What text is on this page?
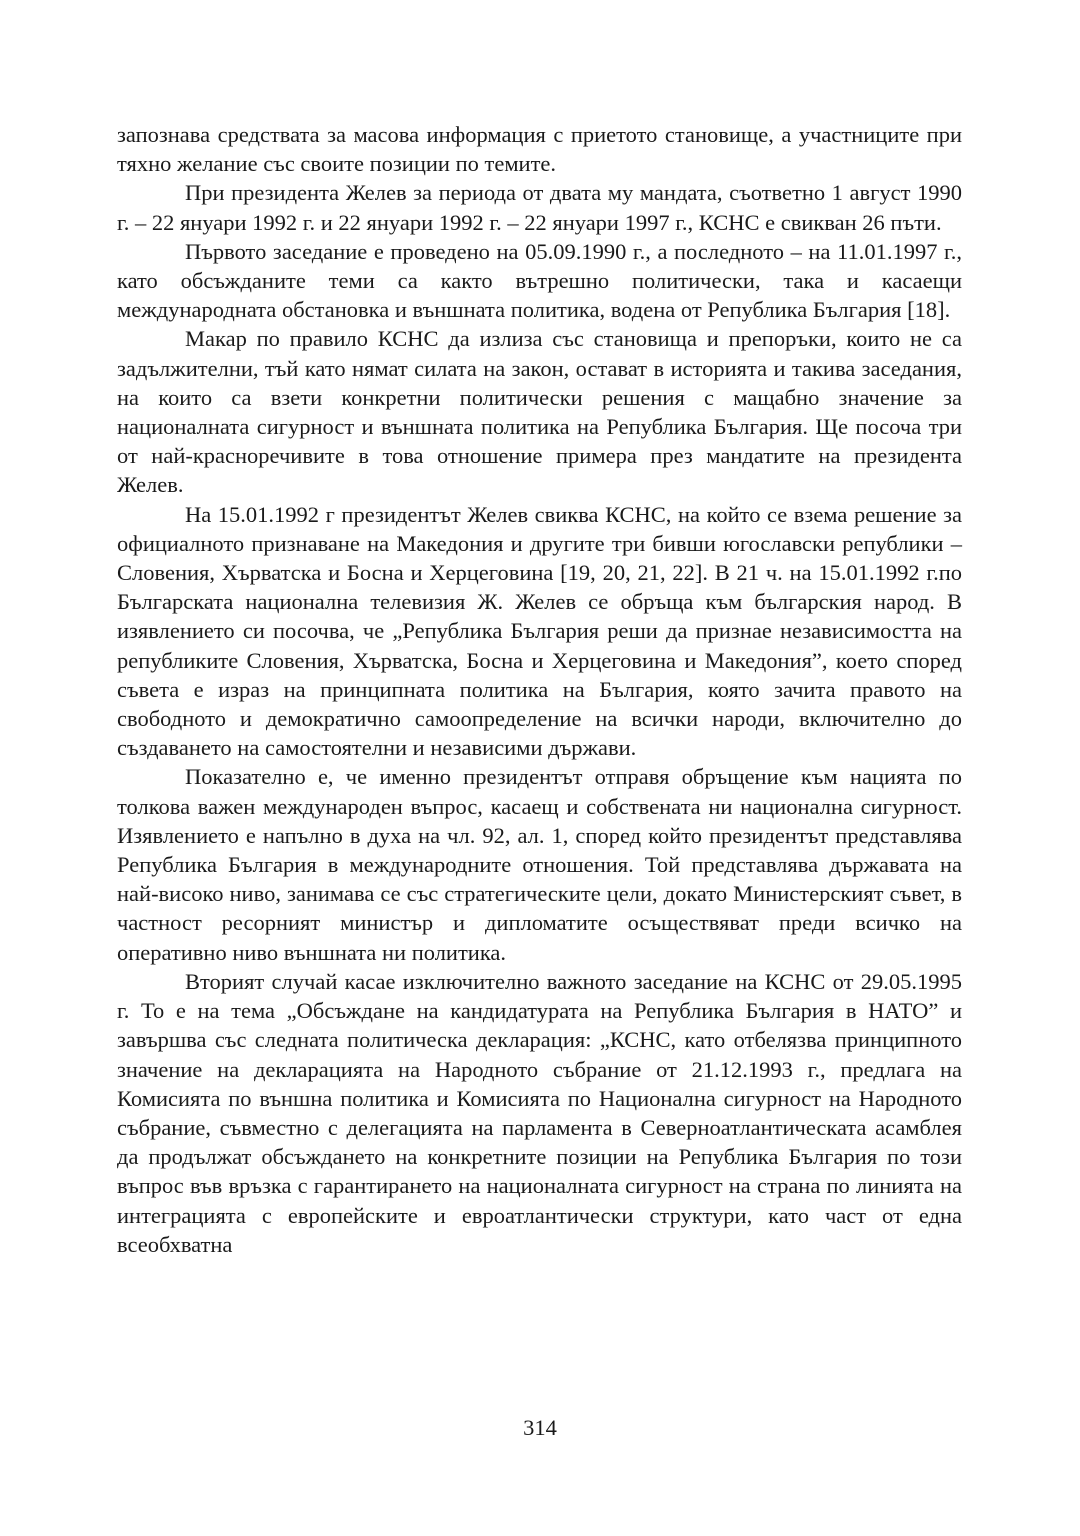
запознава средствата за масова информация с приетото становище, а участниците при тяхно желание със своите позиции по темите.

При президента Желев за периода от двата му мандата, съответно 1 август 1990 г. – 22 януари 1992 г. и 22 януари 1992 г. – 22 януари 1997 г., КСНС е свикван 26 пъти.

Първото заседание е проведено на 05.09.1990 г., а последното – на 11.01.1997 г., като обсъжданите теми са както вътрешно политически, така и касаещи международната обстановка и външната политика, водена от Република България [18].

Макар по правило КСНС да излиза със становища и препоръки, които не са задължителни, тъй като нямат силата на закон, остават в историята и такива заседания, на които са взети конкретни политически решения с мащабно значение за националната сигурност и външната политика на Република България. Ще посоча три от най-красноречивите в това отношение примера през мандатите на президента Желев.

На 15.01.1992 г президентът Желев свиква КСНС, на който се взема решение за официалното признаване на Македония и другите три бивши югославски републики – Словения, Хърватска и Босна и Херцеговина [19, 20, 21, 22]. В 21 ч. на 15.01.1992 г.по Българската национална телевизия Ж. Желев се обръща към българския народ. В изявлението си посочва, че „Република България реши да признае независимостта на републиките Словения, Хърватска, Босна и Херцеговина и Македония”, което според съвета е израз на принципната политика на България, която зачита правото на свободното и демократично самоопределение на всички народи, включително до създаването на самостоятелни и независими държави.

Показателно е, че именно президентът отправя обръщение към нацията по толкова важен международен въпрос, касаещ и собствената ни национална сигурност. Изявлението е напълно в духа на чл. 92, ал. 1, според който президентът представлява Република България в международните отношения. Той представлява държавата на най-високо ниво, занимава се със стратегическите цели, докато Министерският съвет, в частност ресорният министър и дипломатите осъществяват преди всичко на оперативно ниво външната ни политика.

Вторият случай касае изключително важното заседание на КСНС от 29.05.1995 г. То е на тема „Обсъждане на кандидатурата на Република България в НАТО” и завършва със следната политическа декларация: „КСНС, като отбелязва принципното значение на декларацията на Народното събрание от 21.12.1993 г., предлага на Комисията по външна политика и Комисията по Национална сигурност на Народното събрание, съвместно с делегацията на парламента в Северноатлантическата асамблея да продължат обсъждането на конкретните позиции на Република България по този въпрос във връзка с гарантирането на националната сигурност на страна по линията на интеграцията с европейските и евроатлантически структури, като част от една всеобхватна

314
